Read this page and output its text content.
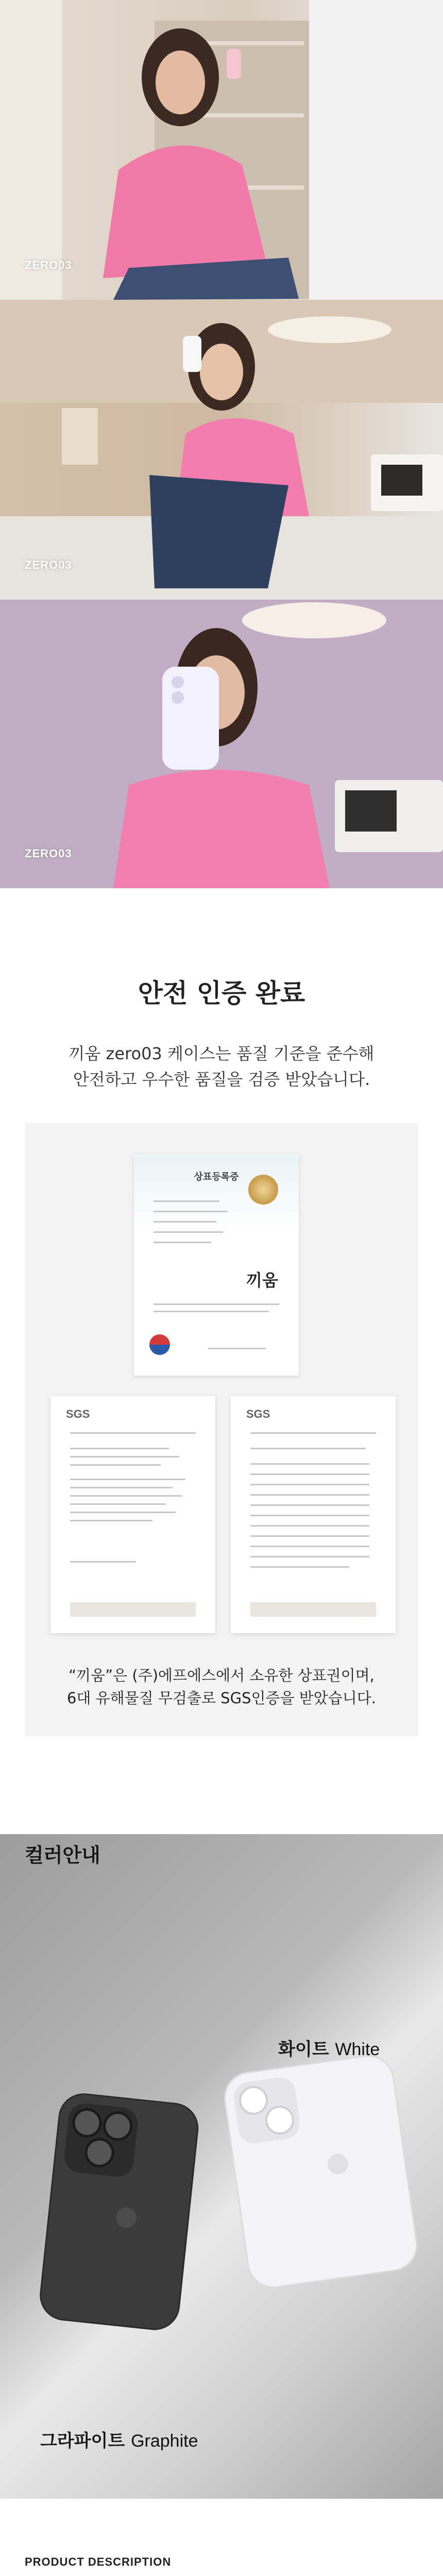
ZERO03
ZERO03
ZERO03
안전 인증 완료
끼움 zero03 케이스는 품질 기준을 준수해
안전하고 우수한 품질을 검증 받았습니다.
상표등록증
끼움
SGS	SGS
“끼움”은 (주)에프에스에서 소유한 상표권이며,
6대 유해물질 무검출로 SGS인증을 받았습니다.
컬러안내
화이트 White
그라파이트 Graphite
PRODUCT DESCRIPTION
